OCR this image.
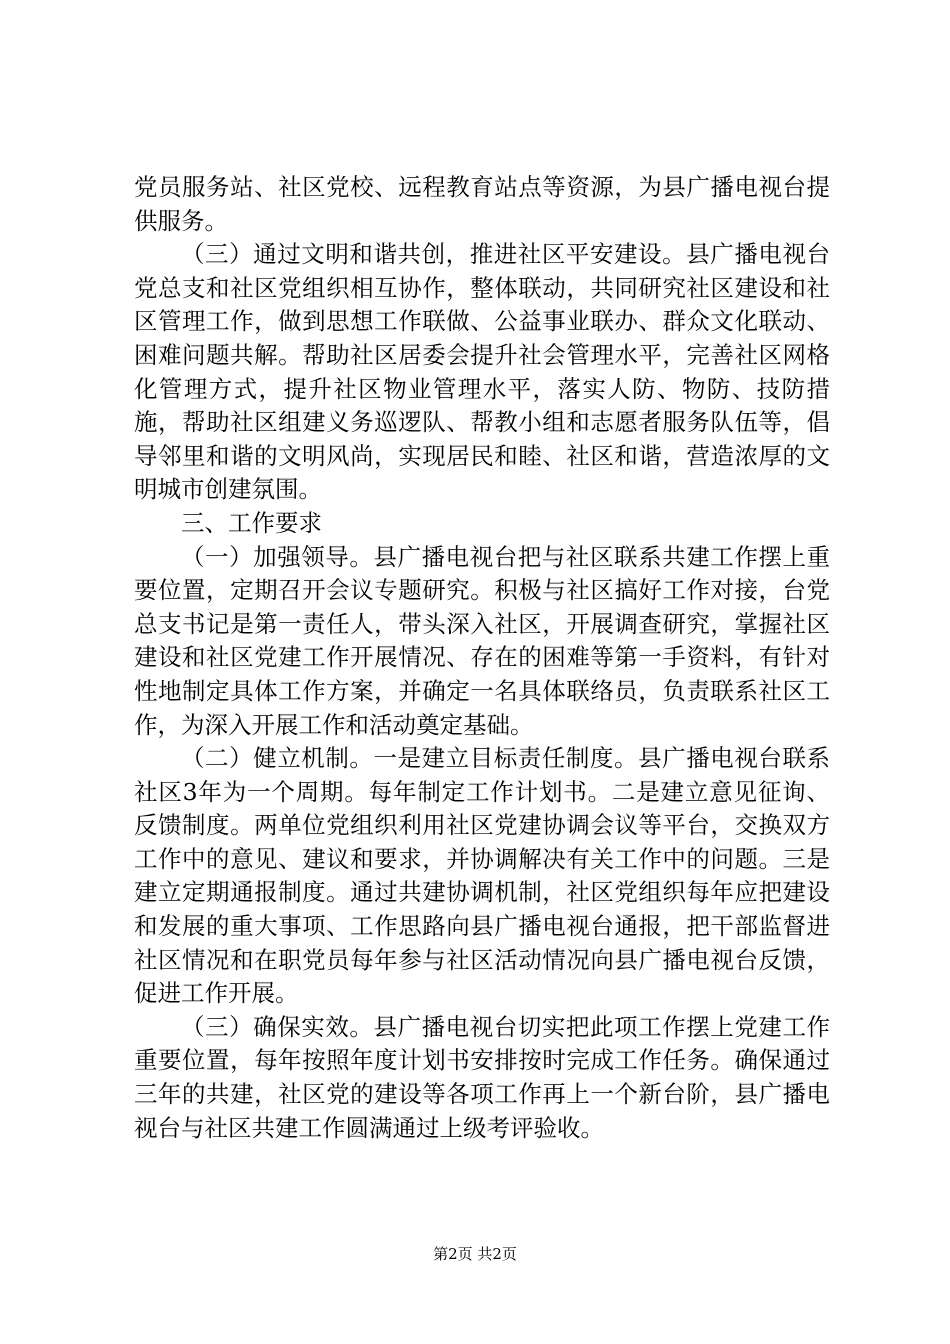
党员服务站、社区党校、远程教育站点等资源，为县广播电视台提供服务。

（三）通过文明和谐共创，推进社区平安建设。县广播电视台党总支和社区党组织相互协作，整体联动，共同研究社区建设和社区管理工作，做到思想工作联做、公益事业联办、群众文化联动、困难问题共解。帮助社区居委会提升社会管理水平，完善社区网格化管理方式，提升社区物业管理水平，落实人防、物防、技防措施，帮助社区组建义务巡逻队、帮教小组和志愿者服务队伍等，倡导邻里和谐的文明风尚，实现居民和睦、社区和谐，营造浓厚的文明城市创建氛围。

三、工作要求

（一）加强领导。县广播电视台把与社区联系共建工作摆上重要位置，定期召开会议专题研究。积极与社区搞好工作对接，台党总支书记是第一责任人，带头深入社区，开展调查研究，掌握社区建设和社区党建工作开展情况、存在的困难等第一手资料，有针对性地制定具体工作方案，并确定一名具体联络员，负责联系社区工作，为深入开展工作和活动奠定基础。

（二）健立机制。一是建立目标责任制度。县广播电视台联系社区3年为一个周期。每年制定工作计划书。二是建立意见征询、反馈制度。两单位党组织利用社区党建协调会议等平台，交换双方工作中的意见、建议和要求，并协调解决有关工作中的问题。三是建立定期通报制度。通过共建协调机制，社区党组织每年应把建设和发展的重大事项、工作思路向县广播电视台通报，把干部监督进社区情况和在职党员每年参与社区活动情况向县广播电视台反馈，促进工作开展。

（三）确保实效。县广播电视台切实把此项工作摆上党建工作重要位置，每年按照年度计划书安排按时完成工作任务。确保通过三年的共建，社区党的建设等各项工作再上一个新台阶，县广播电视台与社区共建工作圆满通过上级考评验收。

第2页 共2页
